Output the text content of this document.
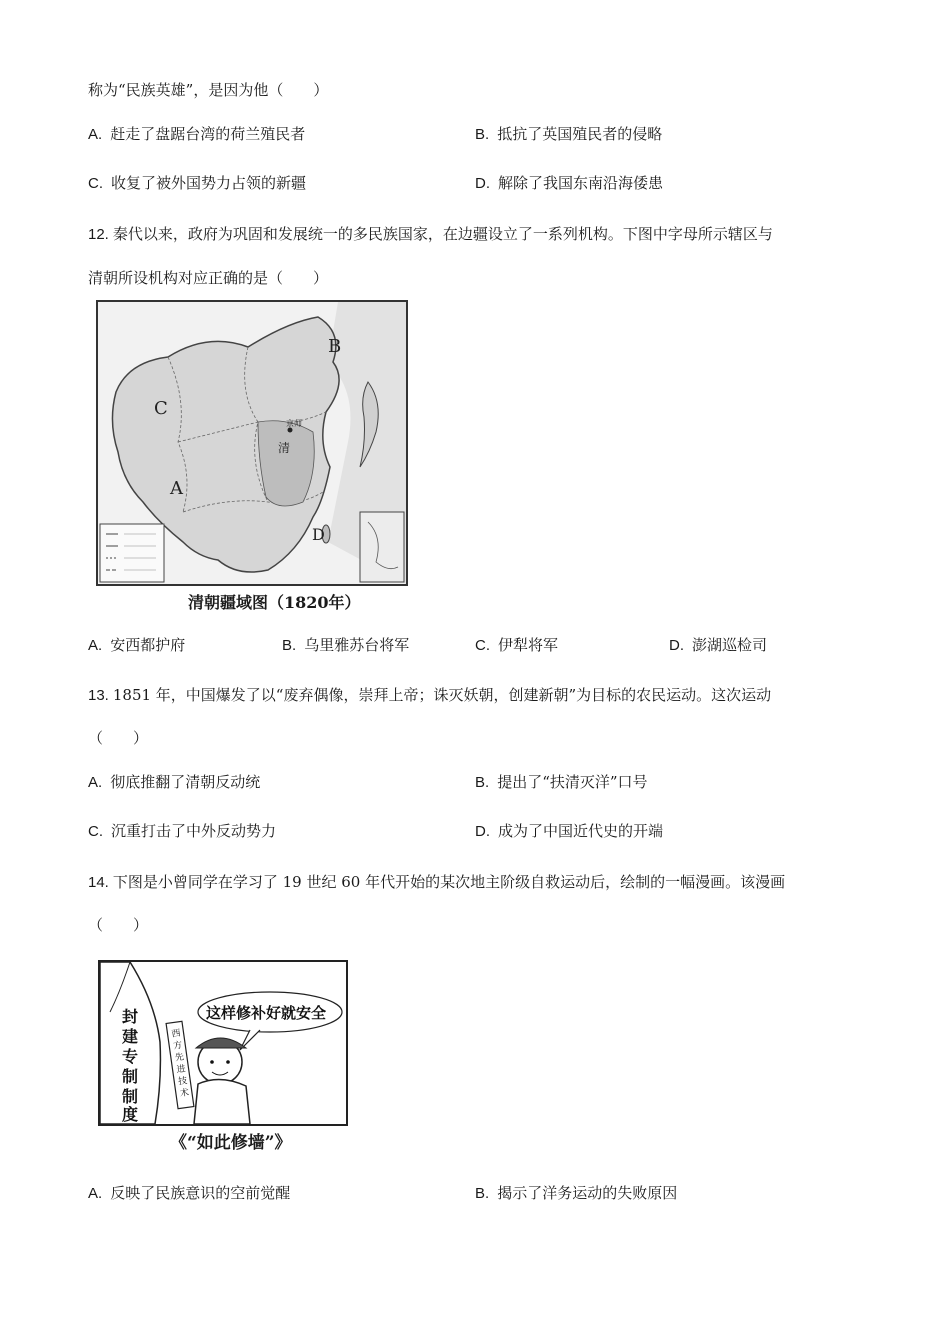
称为“民族英雄”，是因为他（　　）
A. 赶走了盘踞台湾的荷兰殖民者	B. 抵抗了英国殖民者的侵略
C. 收复了被外国势力占领的新疆	D. 解除了我国东南沿海倭患
12. 秦代以来，政府为巩固和发展统一的多民族国家，在边疆设立了一系列机构。下图中字母所示辖区与
清朝所设机构对应正确的是（　　）
B
C
A
D
清
京师
清朝疆域图（1820年）
A. 安西都护府	B. 乌里雅苏台将军	C. 伊犁将军	D. 澎湖巡检司
13. 1851 年，中国爆发了以“废弃偶像，崇拜上帝；诛灭妖朝，创建新朝”为目标的农民运动。这次运动
（　　）
A. 彻底推翻了清朝反动统	B. 提出了“扶清灭洋”口号
C. 沉重打击了中外反动势力	D. 成为了中国近代史的开端
14. 下图是小曾同学在学习了 19 世纪 60 年代开始的某次地主阶级自救运动后，绘制的一幅漫画。该漫画
（　　）
封 建 专 制 制 度
这样修补好就安全
西 方 先 进 技 术
《“如此修墙”》
A. 反映了民族意识的空前觉醒	B. 揭示了洋务运动的失败原因
